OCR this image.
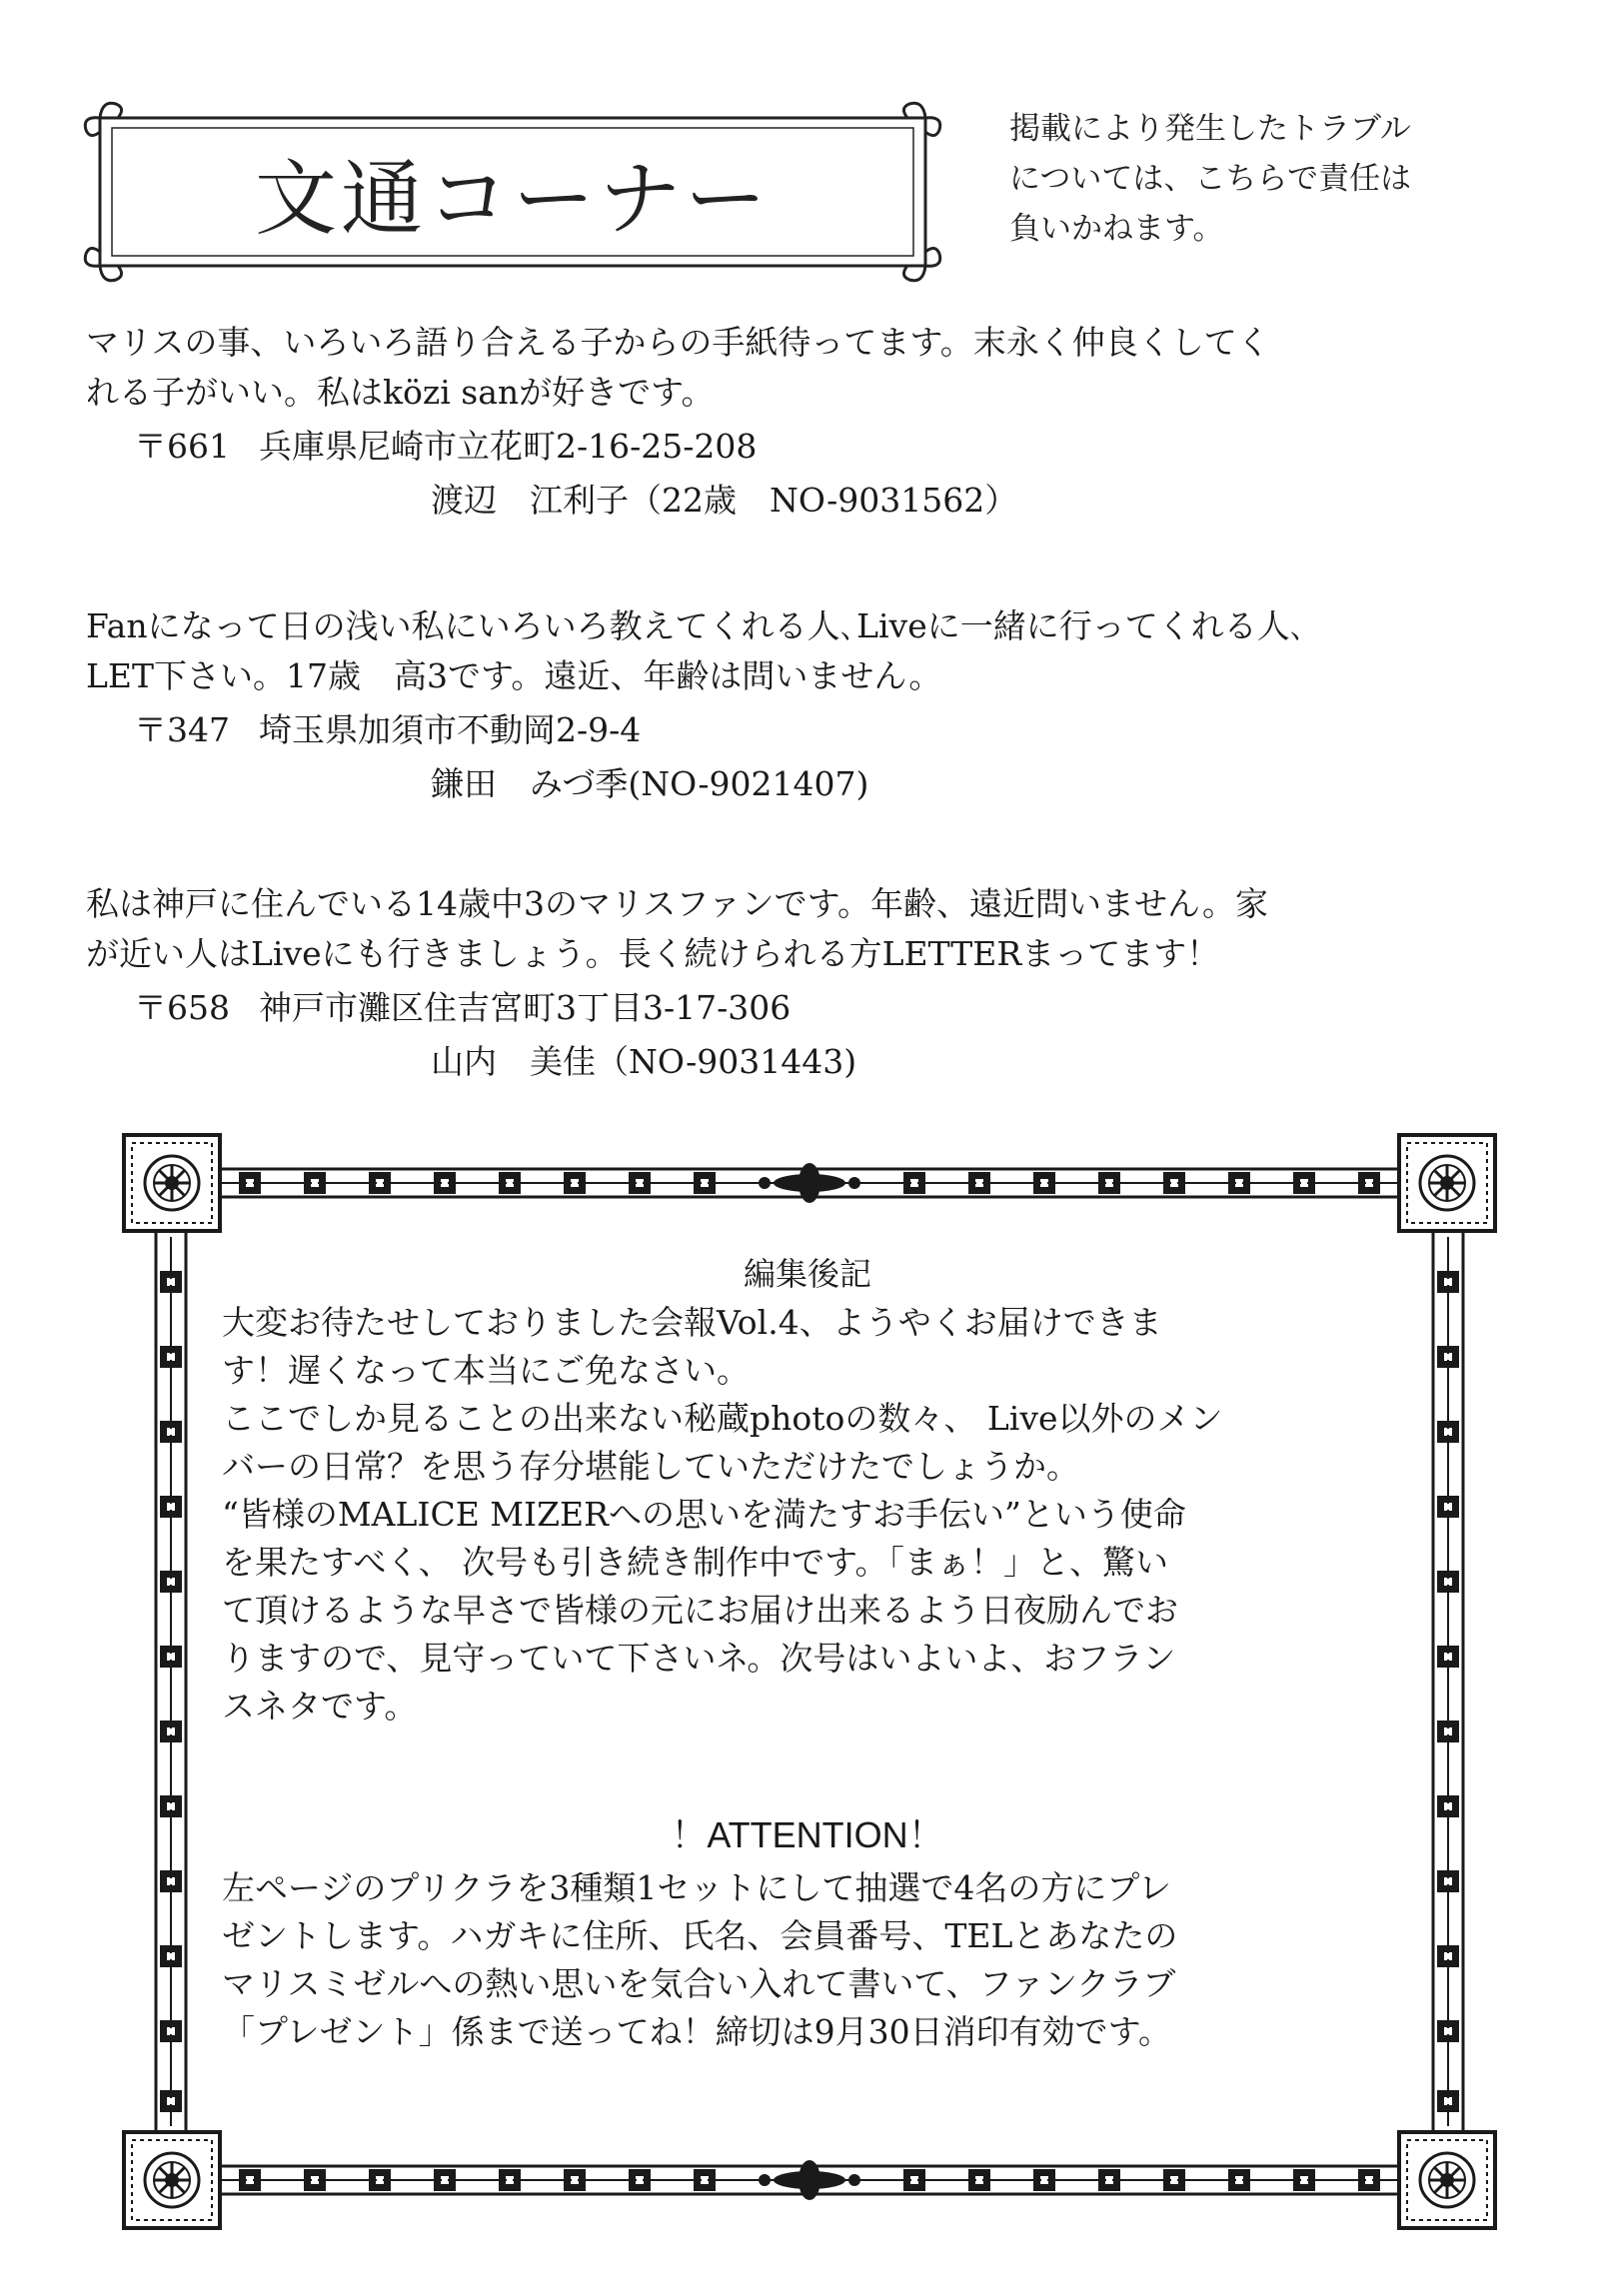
文通コーナー
掲載により発生したトラブル
については、こちらで責任は
負いかねます。

マリスの事、いろいろ語り合える子からの手紙待ってます。末永く仲良くしてく

れる子がいい。私はközi sanが好きです。

〒661 兵庫県尼崎市立花町2-16-25-208

渡辺　江利子（22歳　NO-9031562）

Fanになって日の浅い私にいろいろ教えてくれる人､Liveに一緒に行ってくれる人､

LET下さい。17歳　高3です。遠近、年齢は問いません。

〒347 埼玉県加須市不動岡2-9-4

鎌田　みづ季(NO-9021407)

私は神戸に住んでいる14歳中3のマリスファンです。年齢、遠近問いません。家

が近い人はLiveにも行きましょう。長く続けられる方LETTERまってます！

〒658 神戸市灘区住吉宮町3丁目3-17-306

山内　美佳（NO-9031443)

編集後記

大変お待たせしておりました会報Vol.4、ようやくお届けできま

す！遅くなって本当にご免なさい。

ここでしか見ることの出来ない秘蔵photoの数々、 Live以外のメン

バーの日常？を思う存分堪能していただけたでしょうか。

“皆様のMALICE MIZERへの思いを満たすお手伝い”という使命

を果たすべく、 次号も引き続き制作中です。「まぁ！」と、驚い

て頂けるような早さで皆様の元にお届け出来るよう日夜励んでお

りますので、見守っていて下さいネ。次号はいよいよ、おフラン

スネタです。

！ATTENTION！

左ページのプリクラを3種類1セットにして抽選で4名の方にプレ

ゼントします。ハガキに住所、氏名、会員番号、TELとあなたの

マリスミゼルへの熱い思いを気合い入れて書いて、ファンクラブ

「プレゼント」係まで送ってね！締切は9月30日消印有効です。
